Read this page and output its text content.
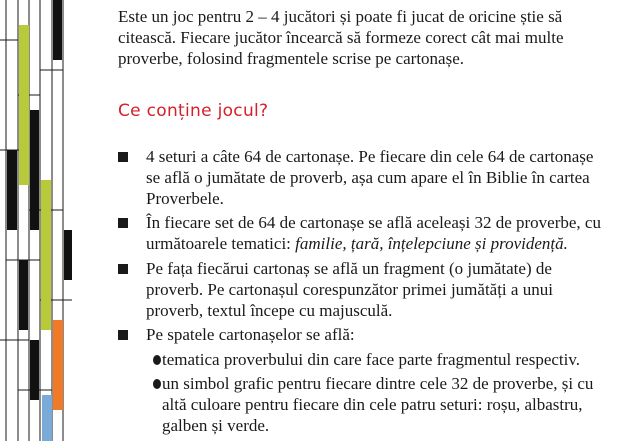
Este un joc pentru 2 – 4 jucători și poate fi jucat de oricine știe să citească. Fiecare jucător încearcă să formeze corect cât mai multe proverbe, folosind fragmentele scrise pe cartonașe.

Ce conține jocul?
4 seturi a câte 64 de cartonașe. Pe fiecare din cele 64 de cartonașe se află o jumătate de proverb, așa cum apare el în Biblie în cartea Proverbele.
În fiecare set de 64 de cartonașe se află aceleași 32 de proverbe, cu următoarele tematici: familie, țară, înțelepciune și providență.
Pe fața fiecărui cartonaș se află un fragment (o jumătate) de proverb. Pe cartonașul corespunzător primei jumătăți a unui proverb, textul începe cu majusculă.
Pe spatele cartonașelor se află:
tematica proverbului din care face parte fragmentul respectiv.
un simbol grafic pentru fiecare dintre cele 32 de proverbe, și cu altă culoare pentru fiecare din cele patru seturi: roșu, albastru, galben și verde.
